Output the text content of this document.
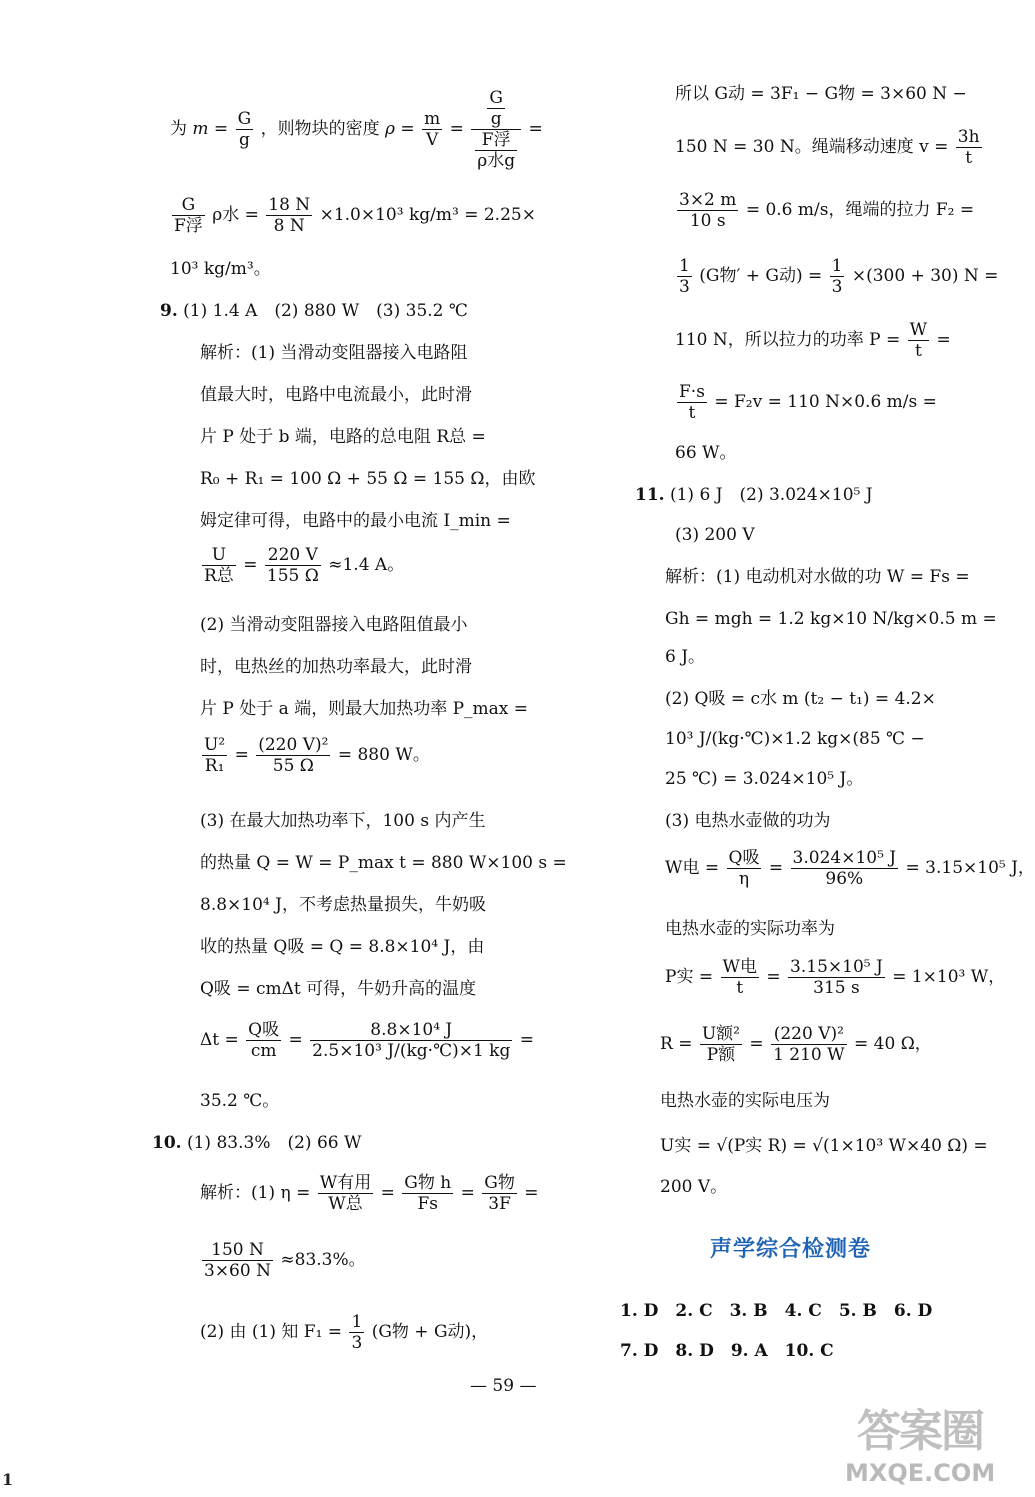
为 $m = \frac{G}{g}$ ，则物块的密度 $\rho = \frac{m}{V} = \frac{\frac{G}{g}}{\frac{\text{F浮}}{\text{ρ水g}}}$ =
$\frac{G}{\text{F浮}}$ ρ水 = $\frac{18 N}{8 N} \times 1.0\times 10^3$ kg/m³ = 2.25×
10³ kg/m³。
9. (1) 1.4 A　(2) 880 W　(3) 35.2 ℃
解析：(1) 当滑动变阻器接入电路阻
值最大时，电路中电流最小，此时滑
片 P 处于 b 端，电路的总电阻 R总 =
R₀ + R₁ = 100 Ω + 55 Ω = 155 Ω，由欧
姆定律可得，电路中的最小电流 I_min =
$\frac{U}{\text{R总}} = \frac{220 V}{155 \Omega} \approx 1.4$ A。
(2) 当滑动变阻器接入电路阻值最小
时，电热丝的加热功率最大，此时滑
片 P 处于 a 端，则最大加热功率 P_max =
$\frac{\text{U²}}{\text{R₁}} = \frac{\text{(220 V)²}}{55 \Omega} = 880$ W。
(3) 在最大加热功率下，100 s 内产生
的热量 Q = W = P_max t = 880 W×100 s =
8.8×10⁴ J，不考虑热量损失，牛奶吸
收的热量 Q吸 = Q = 8.8×10⁴ J，由
Q吸 = cmΔt 可得，牛奶升高的温度
$\Delta t = \frac{\text{Q吸}}{cm} = \frac{\text{8.8×10⁴ J}}{\text{2.5×10³ J/(kg·℃)×1 kg}}$ =
35.2 ℃。
10. (1) 83.3%　(2) 66 W
解析：(1) $\eta = \frac{\text{W有用}}{\text{W总}} = \frac{\text{G物 h}}{Fs} = \frac{\text{G物}}{3F}$ =
$\frac{150 N}{3\times 60 N} \approx 83.3\%$。
(2) 由 (1) 知 $F_1 = \frac{1}{3} (G$物 + G动)，
所以 G动 = 3F₁ − G物 = 3×60 N −
150 N = 30 N。绳端移动速度 $v = \frac{3h}{t}$
$\frac{3\times 2 m}{10 s} = 0.6$ m/s，绳端的拉力 F₂ =
$\frac{1}{3} (G$物′ + G动) = $\frac{1}{3} \times(300 + 30) N$ =
110 N，所以拉力的功率 $P = \frac{W}{t}$ =
$\frac{F\cdot s}{t} = F_2v = 110$ N×0.6 m/s =
66 W。
11. (1) 6 J　(2) 3.024×10⁵ J
(3) 200 V
解析：(1) 电动机对水做的功 W = Fs =
Gh = mgh = 1.2 kg×10 N/kg×0.5 m =
6 J。
(2) Q吸 = c水 m (t₂ − t₁) = 4.2×
10³ J/(kg·℃)×1.2 kg×(85 ℃ −
25 ℃) = 3.024×10⁵ J。
(3) 电热水壶做的功为
W电 = $\frac{\text{Q吸}}{\eta} = \frac{\text{3.024×10⁵ J}}{96\%} = 3.15\times 10^5$ J，
电热水壶的实际功率为
P实 = $\frac{\text{W电}}{t} = \frac{\text{3.15×10⁵ J}}{315 s} = 1\times 10^3$ W，
$R = \frac{\text{U额²}}{\text{P额}} = \frac{\text{(220 V)²}}{1 210 W} = 40$ Ω，
电热水壶的实际电压为
U实 = √(P实 R) = √(1×10³ W×40 Ω) =
200 V。
1. D　2. C　3. B　4. C　5. B　6. D
7. D　8. D　9. A　10. C
声学综合检测卷
— 59 —
答案圈
MXQE.COM
1
